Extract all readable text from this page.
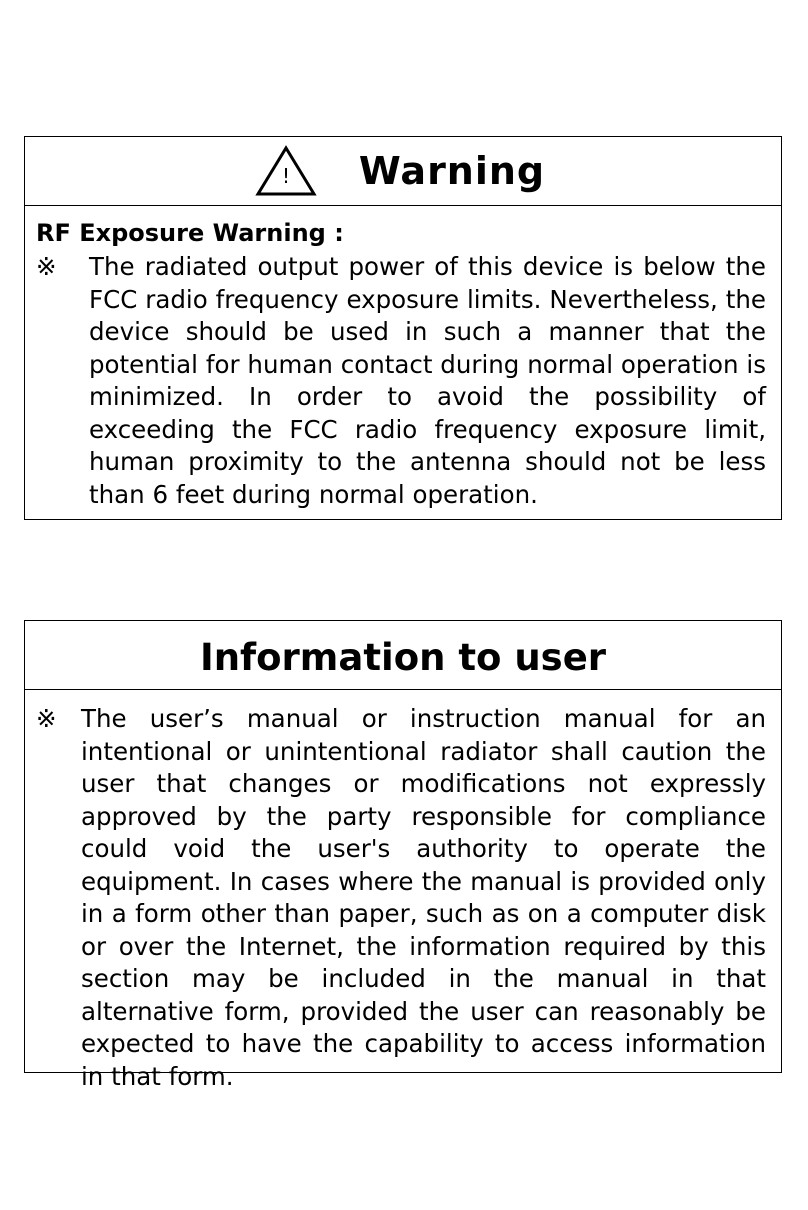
! Warning
RF Exposure Warning :
※ The radiated output power of this device is below the FCC radio frequency exposure limits. Nevertheless, the device should be used in such a manner that the potential for human contact during normal operation is minimized. In order to avoid the possibility of exceeding the FCC radio frequency exposure limit, human proximity to the antenna should not be less than 6 feet during normal operation.
Information to user
※ The user’s manual or instruction manual for an intentional or unintentional radiator shall caution the user that changes or modifications not expressly approved by the party responsible for compliance could void the user's authority to operate the equipment. In cases where the manual is provided only in a form other than paper, such as on a computer disk or over the Internet, the information required by this section may be included in the manual in that alternative form, provided the user can reasonably be expected to have the capability to access information in that form.
